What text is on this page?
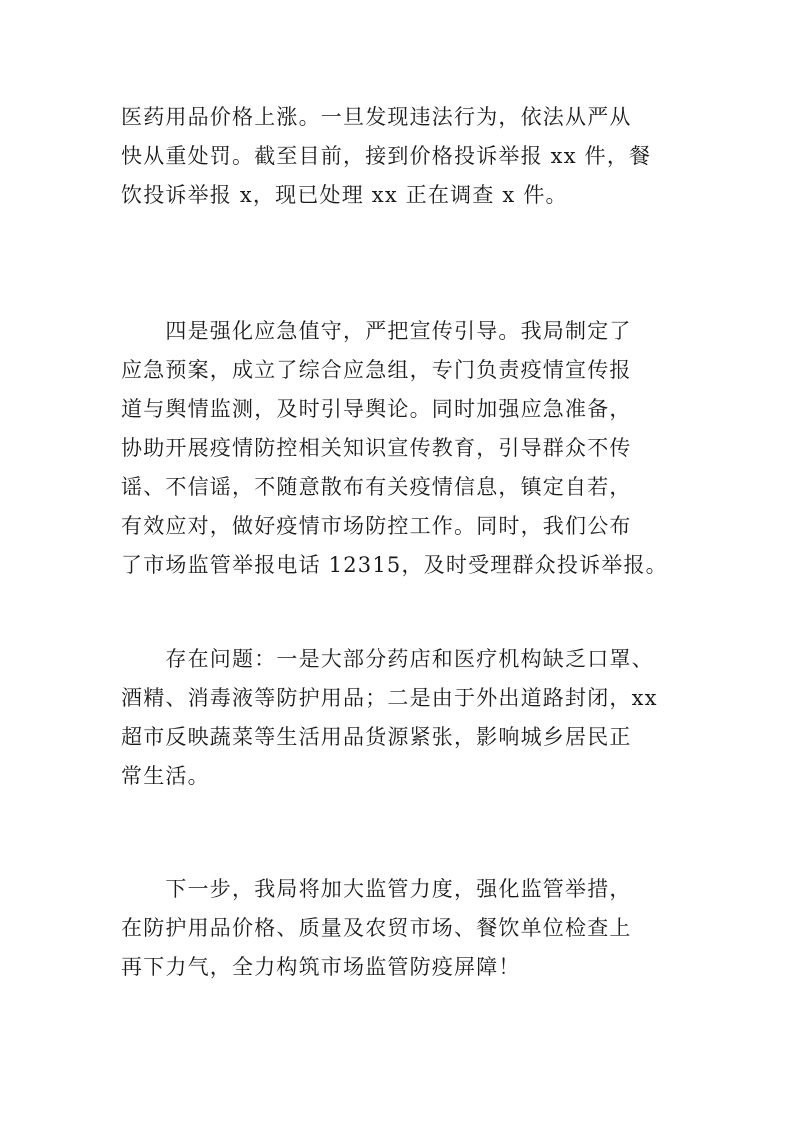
医药用品价格上涨。一旦发现违法行为，依法从严从
快从重处罚。截至目前，接到价格投诉举报 xx 件，餐
饮投诉举报 x，现已处理 xx 正在调查 x 件。

　　四是强化应急值守，严把宣传引导。我局制定了
应急预案，成立了综合应急组，专门负责疫情宣传报
道与舆情监测，及时引导舆论。同时加强应急准备，
协助开展疫情防控相关知识宣传教育，引导群众不传
谣、不信谣，不随意散布有关疫情信息，镇定自若，
有效应对，做好疫情市场防控工作。同时，我们公布
了市场监管举报电话 12315，及时受理群众投诉举报。

　　存在问题：一是大部分药店和医疗机构缺乏口罩、
酒精、消毒液等防护用品；二是由于外出道路封闭，xx
超市反映蔬菜等生活用品货源紧张，影响城乡居民正
常生活。

　　下一步，我局将加大监管力度，强化监管举措，
在防护用品价格、质量及农贸市场、餐饮单位检查上
再下力气，全力构筑市场监管防疫屏障！
